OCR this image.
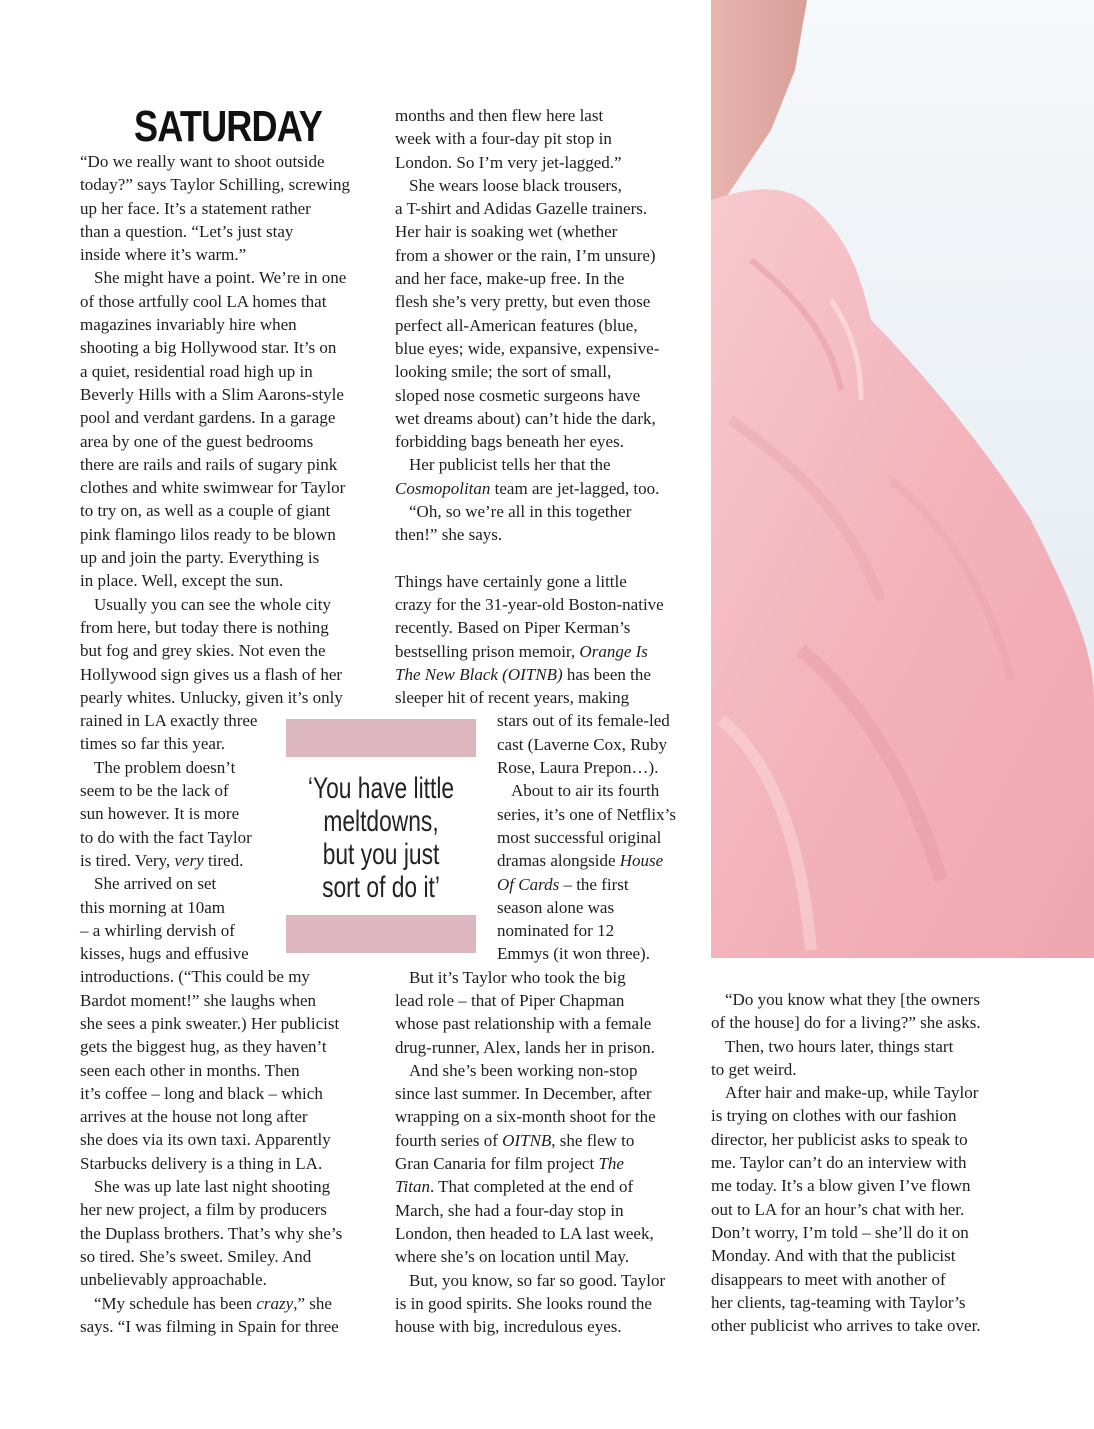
SATURDAY

“Do we really want to shoot outside
today?” says Taylor Schilling, screwing
up her face. It’s a statement rather
than a question. “Let’s just stay
inside where it’s warm.”

She might have a point. We’re in one
of those artfully cool LA homes that
magazines invariably hire when
shooting a big Hollywood star. It’s on
a quiet, residential road high up in
Beverly Hills with a Slim Aarons-style
pool and verdant gardens. In a garage
area by one of the guest bedrooms
there are rails and rails of sugary pink
clothes and white swimwear for Taylor
to try on, as well as a couple of giant
pink flamingo lilos ready to be blown
up and join the party. Everything is
in place. Well, except the sun.

Usually you can see the whole city
from here, but today there is nothing
but fog and grey skies. Not even the
Hollywood sign gives us a flash of her
pearly whites. Unlucky, given it’s only
rained in LA exactly three
times so far this year.

The problem doesn’t
seem to be the lack of
sun however. It is more
to do with the fact Taylor
is tired. Very, very tired.

She arrived on set
this morning at 10am
– a whirling dervish of
kisses, hugs and effusive
introductions. (“This could be my
Bardot moment!” she laughs when
she sees a pink sweater.) Her publicist
gets the biggest hug, as they haven’t
seen each other in months. Then
it’s coffee – long and black – which
arrives at the house not long after
she does via its own taxi. Apparently
Starbucks delivery is a thing in LA.

She was up late last night shooting
her new project, a film by producers
the Duplass brothers. That’s why she’s
so tired. She’s sweet. Smiley. And
unbelievably approachable.

“My schedule has been crazy,” she
says. “I was filming in Spain for three

months and then flew here last
week with a four-day pit stop in
London. So I’m very jet-lagged.”

She wears loose black trousers,
a T-shirt and Adidas Gazelle trainers.
Her hair is soaking wet (whether
from a shower or the rain, I’m unsure)
and her face, make-up free. In the
flesh she’s very pretty, but even those
perfect all-American features (blue,
blue eyes; wide, expansive, expensive-
looking smile; the sort of small,
sloped nose cosmetic surgeons have
wet dreams about) can’t hide the dark,
forbidding bags beneath her eyes.

Her publicist tells her that the
Cosmopolitan team are jet-lagged, too.

“Oh, so we’re all in this together
then!” she says.

Things have certainly gone a little
crazy for the 31-year-old Boston-native
recently. Based on Piper Kerman’s
bestselling prison memoir, Orange Is
The New Black (OITNB) has been the
sleeper hit of recent years, making
stars out of its female-led
cast (Laverne Cox, Ruby
Rose, Laura Prepon…).

About to air its fourth
series, it’s one of Netflix’s
most successful original
dramas alongside House
Of Cards – the first
season alone was
nominated for 12
Emmys (it won three).

But it’s Taylor who took the big
lead role – that of Piper Chapman
whose past relationship with a female
drug-runner, Alex, lands her in prison.

And she’s been working non-stop
since last summer. In December, after
wrapping on a six-month shoot for the
fourth series of OITNB, she flew to
Gran Canaria for film project The
Titan. That completed at the end of
March, she had a four-day stop in
London, then headed to LA last week,
where she’s on location until May.

But, you know, so far so good. Taylor
is in good spirits. She looks round the
house with big, incredulous eyes.

‘You have little meltdowns, but you just sort of do it’

“Do you know what they [the owners
of the house] do for a living?” she asks.

Then, two hours later, things start
to get weird.

After hair and make-up, while Taylor
is trying on clothes with our fashion
director, her publicist asks to speak to
me. Taylor can’t do an interview with
me today. It’s a blow given I’ve flown
out to LA for an hour’s chat with her.
Don’t worry, I’m told – she’ll do it on
Monday. And with that the publicist
disappears to meet with another of
her clients, tag-teaming with Taylor’s
other publicist who arrives to take over.
